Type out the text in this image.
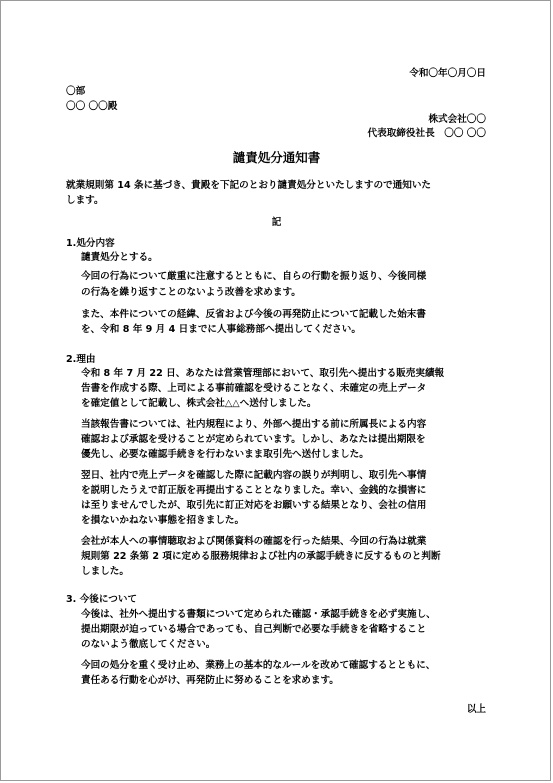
令和〇年〇月〇日
〇部
〇〇 〇〇殿
株式会社〇〇
代表取締役社長　〇〇 〇〇
譴責処分通知書
就業規則第 14 条に基づき、貴殿を下記のとおり譴責処分といたしますので通知いた
します。
記
1.処分内容
譴責処分とする。
今回の行為について厳重に注意するとともに、自らの行動を振り返り、今後同様
の行為を繰り返すことのないよう改善を求めます。
また、本件についての経緯、反省および今後の再発防止について記載した始末書
を、令和 8 年 9 月 4 日までに人事総務部へ提出してください。
2.理由
令和 8 年 7 月 22 日、あなたは営業管理部において、取引先へ提出する販売実績報
告書を作成する際、上司による事前確認を受けることなく、未確定の売上データ
を確定値として記載し、株式会社△△へ送付しました。
当該報告書については、社内規程により、外部へ提出する前に所属長による内容
確認および承認を受けることが定められています。しかし、あなたは提出期限を
優先し、必要な確認手続きを行わないまま取引先へ送付しました。
翌日、社内で売上データを確認した際に記載内容の誤りが判明し、取引先へ事情
を説明したうえで訂正版を再提出することとなりました。幸い、金銭的な損害に
は至りませんでしたが、取引先に訂正対応をお願いする結果となり、会社の信用
を損ないかねない事態を招きました。
会社が本人への事情聴取および関係資料の確認を行った結果、今回の行為は就業
規則第 22 条第 2 項に定める服務規律および社内の承認手続きに反するものと判断
しました。
3. 今後について
今後は、社外へ提出する書類について定められた確認・承認手続きを必ず実施し、
提出期限が迫っている場合であっても、自己判断で必要な手続きを省略すること
のないよう徹底してください。
今回の処分を重く受け止め、業務上の基本的なルールを改めて確認するとともに、
責任ある行動を心がけ、再発防止に努めることを求めます。
以上
